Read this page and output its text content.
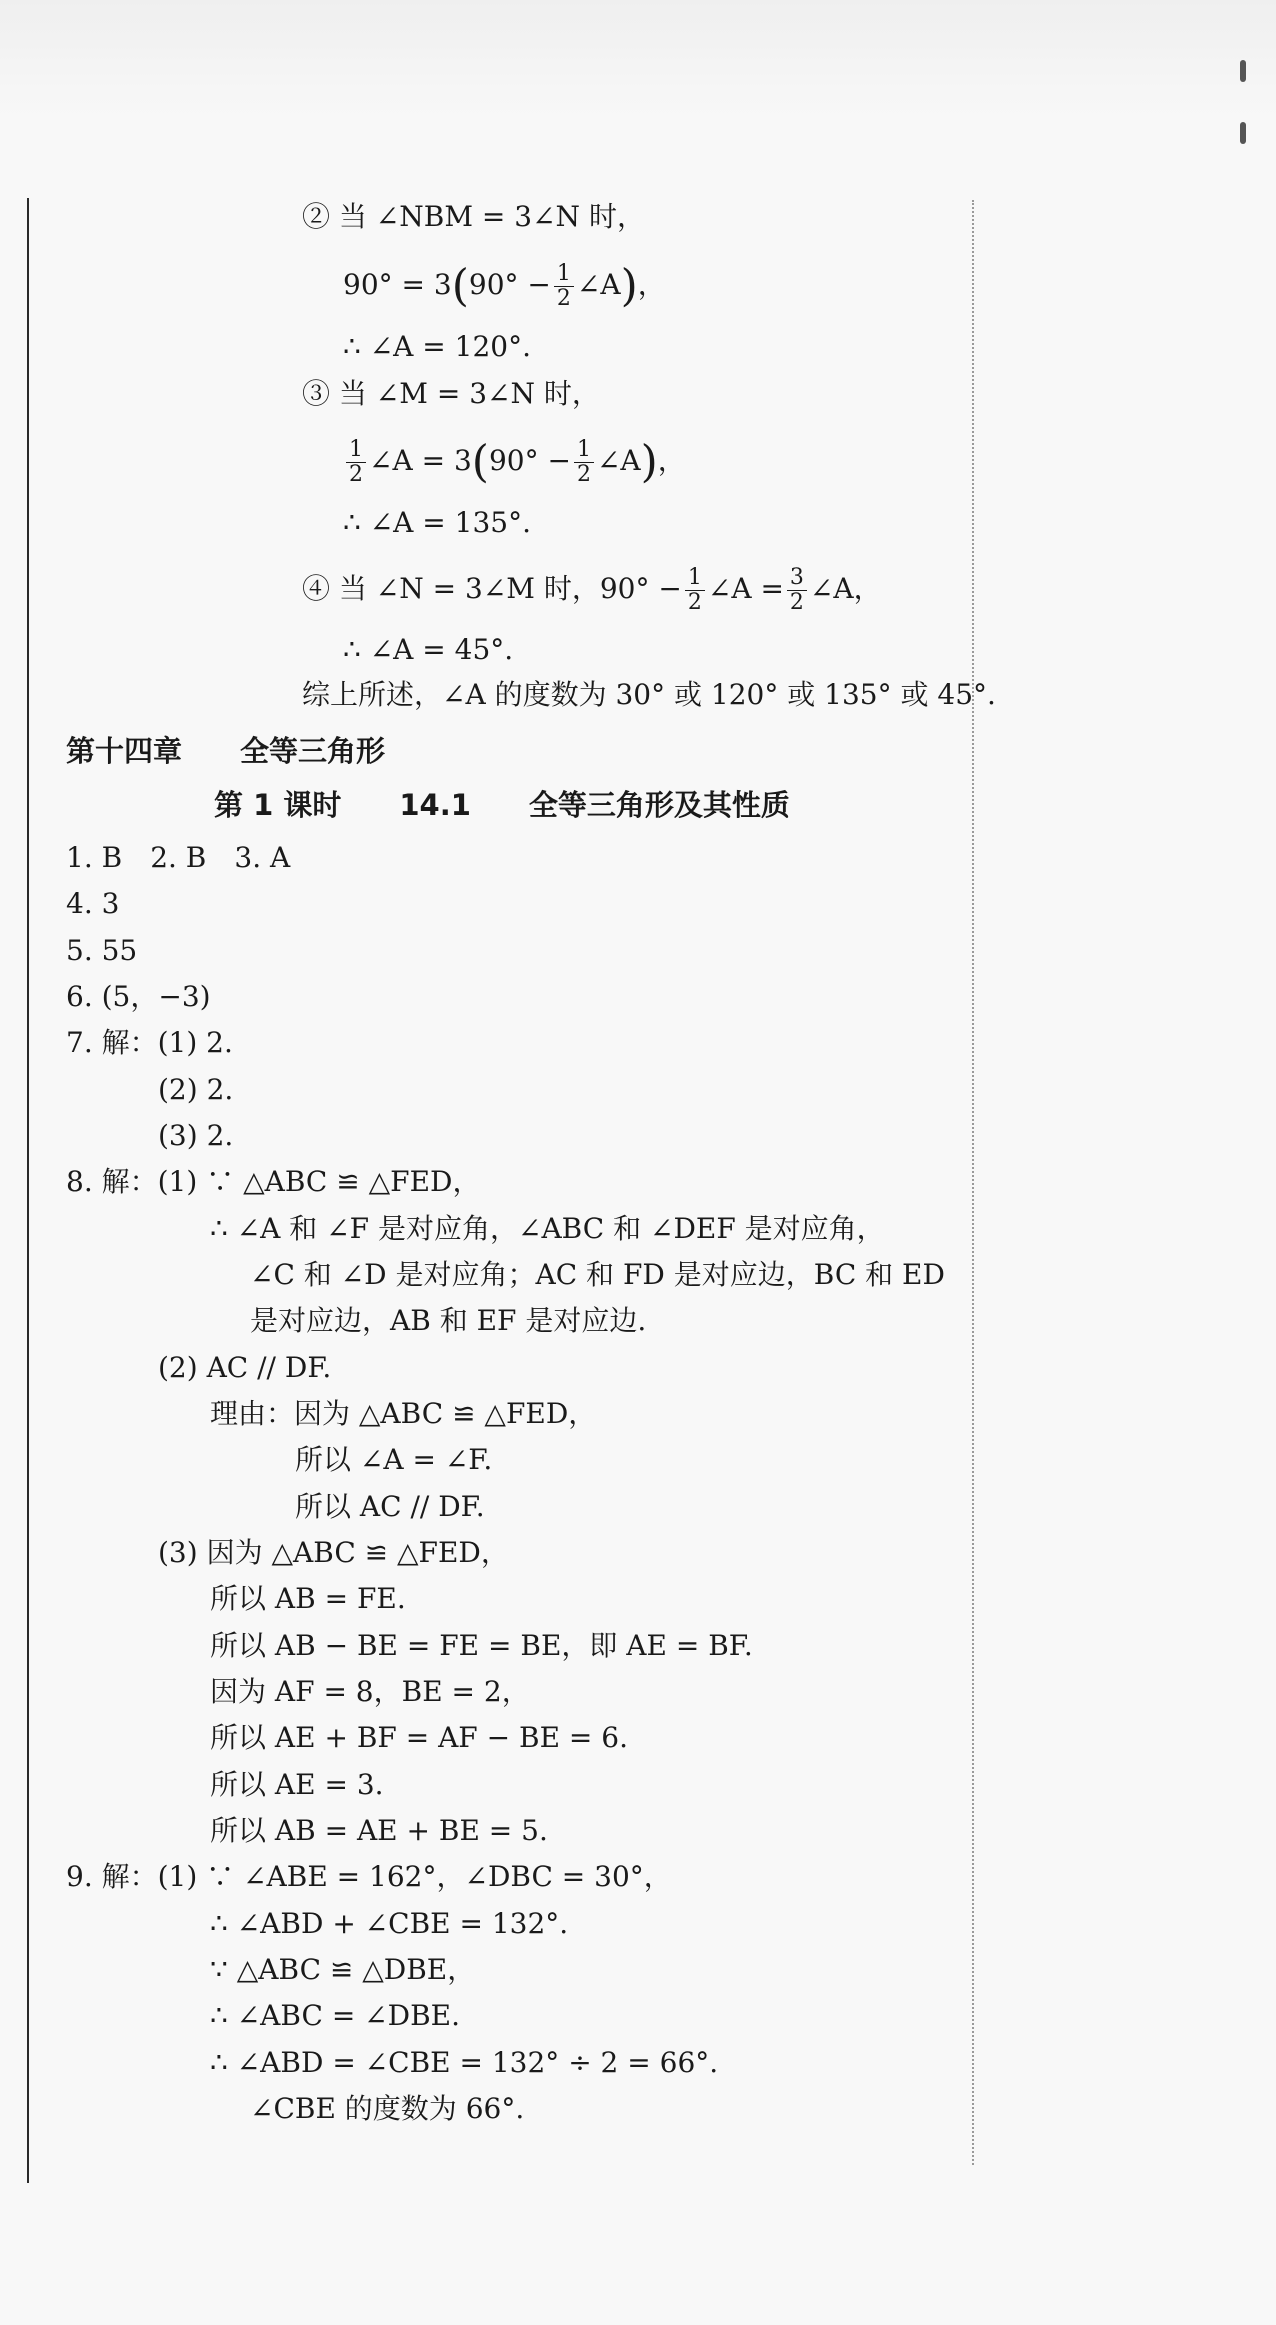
② 当 ∠NBM = 3∠N 时，
$90^\circ = 3(90^\circ - \frac{1}{2}$ ∠A)，
∴ ∠A = 120°.
③ 当 ∠M = 3∠N 时，
$\frac{1}{2}$ ∠A = $3(90^\circ - \frac{1}{2}$ ∠A)，
∴ ∠A = 135°.
④ 当 ∠N = 3∠M 时，$90^\circ - \frac{1}{2}$ ∠A = $\frac{3}{2}$ ∠A，
∴ ∠A = 45°.
综上所述，∠A 的度数为 30° 或 120° 或 135° 或 45°.
第十四章　　全等三角形
第 1 课时　　14.1　　全等三角形及其性质
1. B　2. B　3. A
4. 3
5. 55
6. (5，−3)
7. 解：(1) 2.
(2) 2.
(3) 2.
8. 解：(1) ∵ △ABC ≌ △FED，
∴ ∠A 和 ∠F 是对应角，∠ABC 和 ∠DEF 是对应角，
∠C 和 ∠D 是对应角；AC 和 FD 是对应边，BC 和 ED
是对应边，AB 和 EF 是对应边.
(2) AC // DF.
理由：因为 △ABC ≌ △FED，
所以 ∠A = ∠F.
所以 AC // DF.
(3) 因为 △ABC ≌ △FED，
所以 AB = FE.
所以 AB − BE = FE = BE，即 AE = BF.
因为 AF = 8，BE = 2，
所以 AE + BF = AF − BE = 6.
所以 AE = 3.
所以 AB = AE + BE = 5.
9. 解：(1) ∵ ∠ABE = 162°，∠DBC = 30°，
∴ ∠ABD + ∠CBE = 132°.
∵ △ABC ≌ △DBE，
∴ ∠ABC = ∠DBE.
∴ ∠ABD = ∠CBE = 132° ÷ 2 = 66°.
∠CBE 的度数为 66°.
